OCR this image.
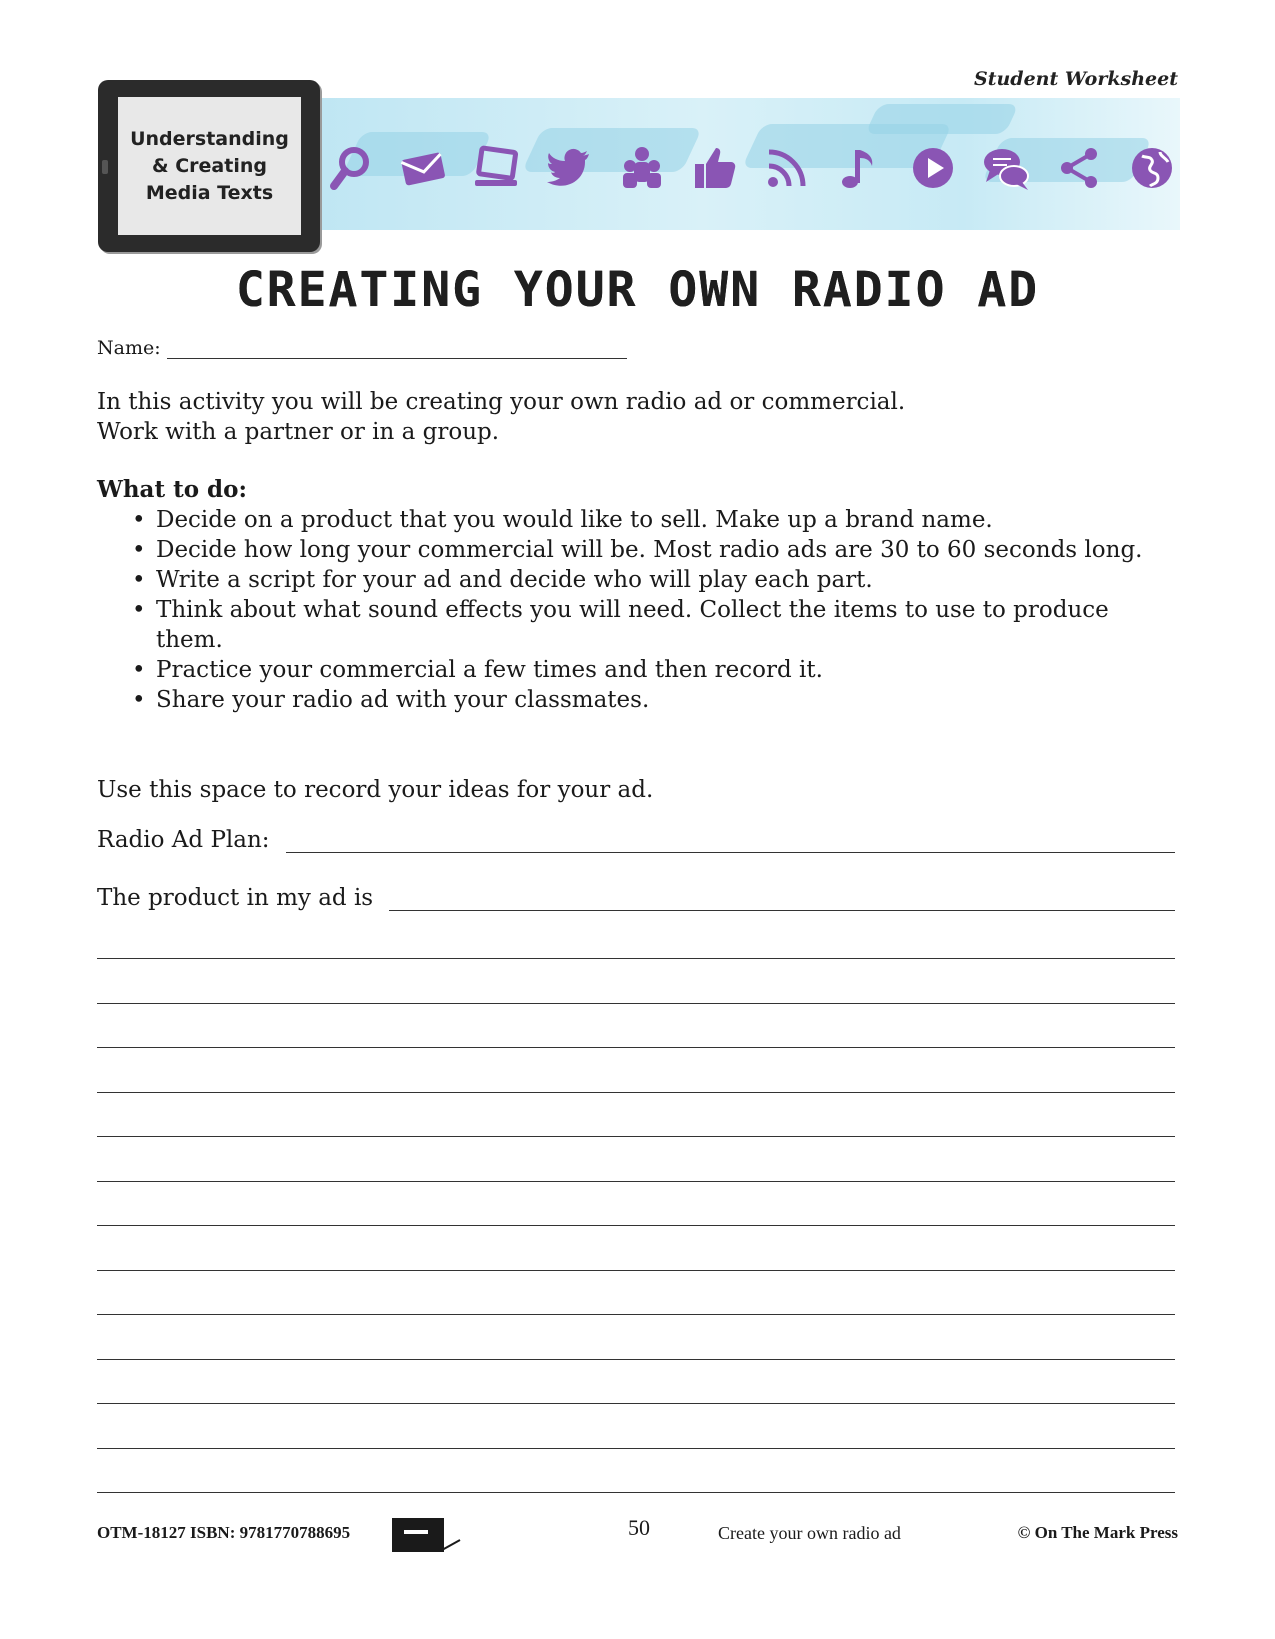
Student Worksheet
Understanding
& Creating
Media Texts
CREATING YOUR OWN RADIO AD
Name:
In this activity you will be creating your own radio ad or commercial.
Work with a partner or in a group.
What to do:
• Decide on a product that you would like to sell. Make up a brand name.
• Decide how long your commercial will be. Most radio ads are 30 to 60 seconds long.
• Write a script for your ad and decide who will play each part.
• Think about what sound effects you will need. Collect the items to use to produce them.
• Practice your commercial a few times and then record it.
• Share your radio ad with your classmates.
Use this space to record your ideas for your ad.
Radio Ad Plan:
The product in my ad is
OTM-18127 ISBN: 9781770788695	50	Create your own radio ad	© On The Mark Press
